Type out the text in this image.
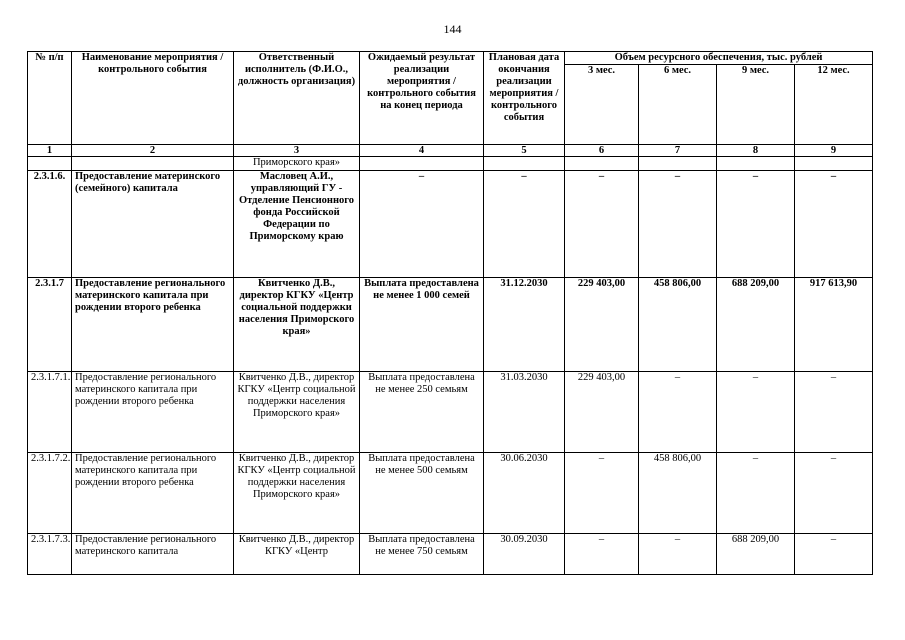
144
№ п/п	Наименование мероприятия / контрольного события	Ответственный исполнитель (Ф.И.О., должность организация)	Ожидаемый результат реализации мероприятия / контрольного события на конец периода	Плановая дата окончания реализации мероприятия / контрольного события	Объем ресурсного обеспечения, тыс. рублей			
					3 мес.	6 мес.	9 мес.	12 мес.
1	2	3	4	5	6	7	8	9
		Приморского края»						
2.3.1.6.	Предоставление материнского (семейного) капитала	Масловец А.И., управляющий ГУ - Отделение Пенсионного фонда Российской Федерации по Приморскому краю	–	–	–	–	–	–
2.3.1.7	Предоставление регионального материнского капитала при рождении второго ребенка	Квитченко Д.В., директор КГКУ «Центр социальной поддержки населения Приморского края»	Выплата предоставлена не менее 1 000 семей	31.12.2030	229 403,00	458 806,00	688 209,00	917 613,90
2.3.1.7.1.	Предоставление регионального материнского капитала при рождении второго ребенка	Квитченко Д.В., директор КГКУ «Центр социальной поддержки населения Приморского края»	Выплата предоставлена не менее 250 семьям	31.03.2030	229 403,00	–	–	–
2.3.1.7.2.	Предоставление регионального материнского капитала при рождении второго ребенка	Квитченко Д.В., директор КГКУ «Центр социальной поддержки населения Приморского края»	Выплата предоставлена не менее 500 семьям	30.06.2030	–	458 806,00	–	–
2.3.1.7.3.	Предоставление регионального материнского капитала	Квитченко Д.В., директор КГКУ «Центр	Выплата предоставлена не менее 750 семьям	30.09.2030	–	–	688 209,00	–
